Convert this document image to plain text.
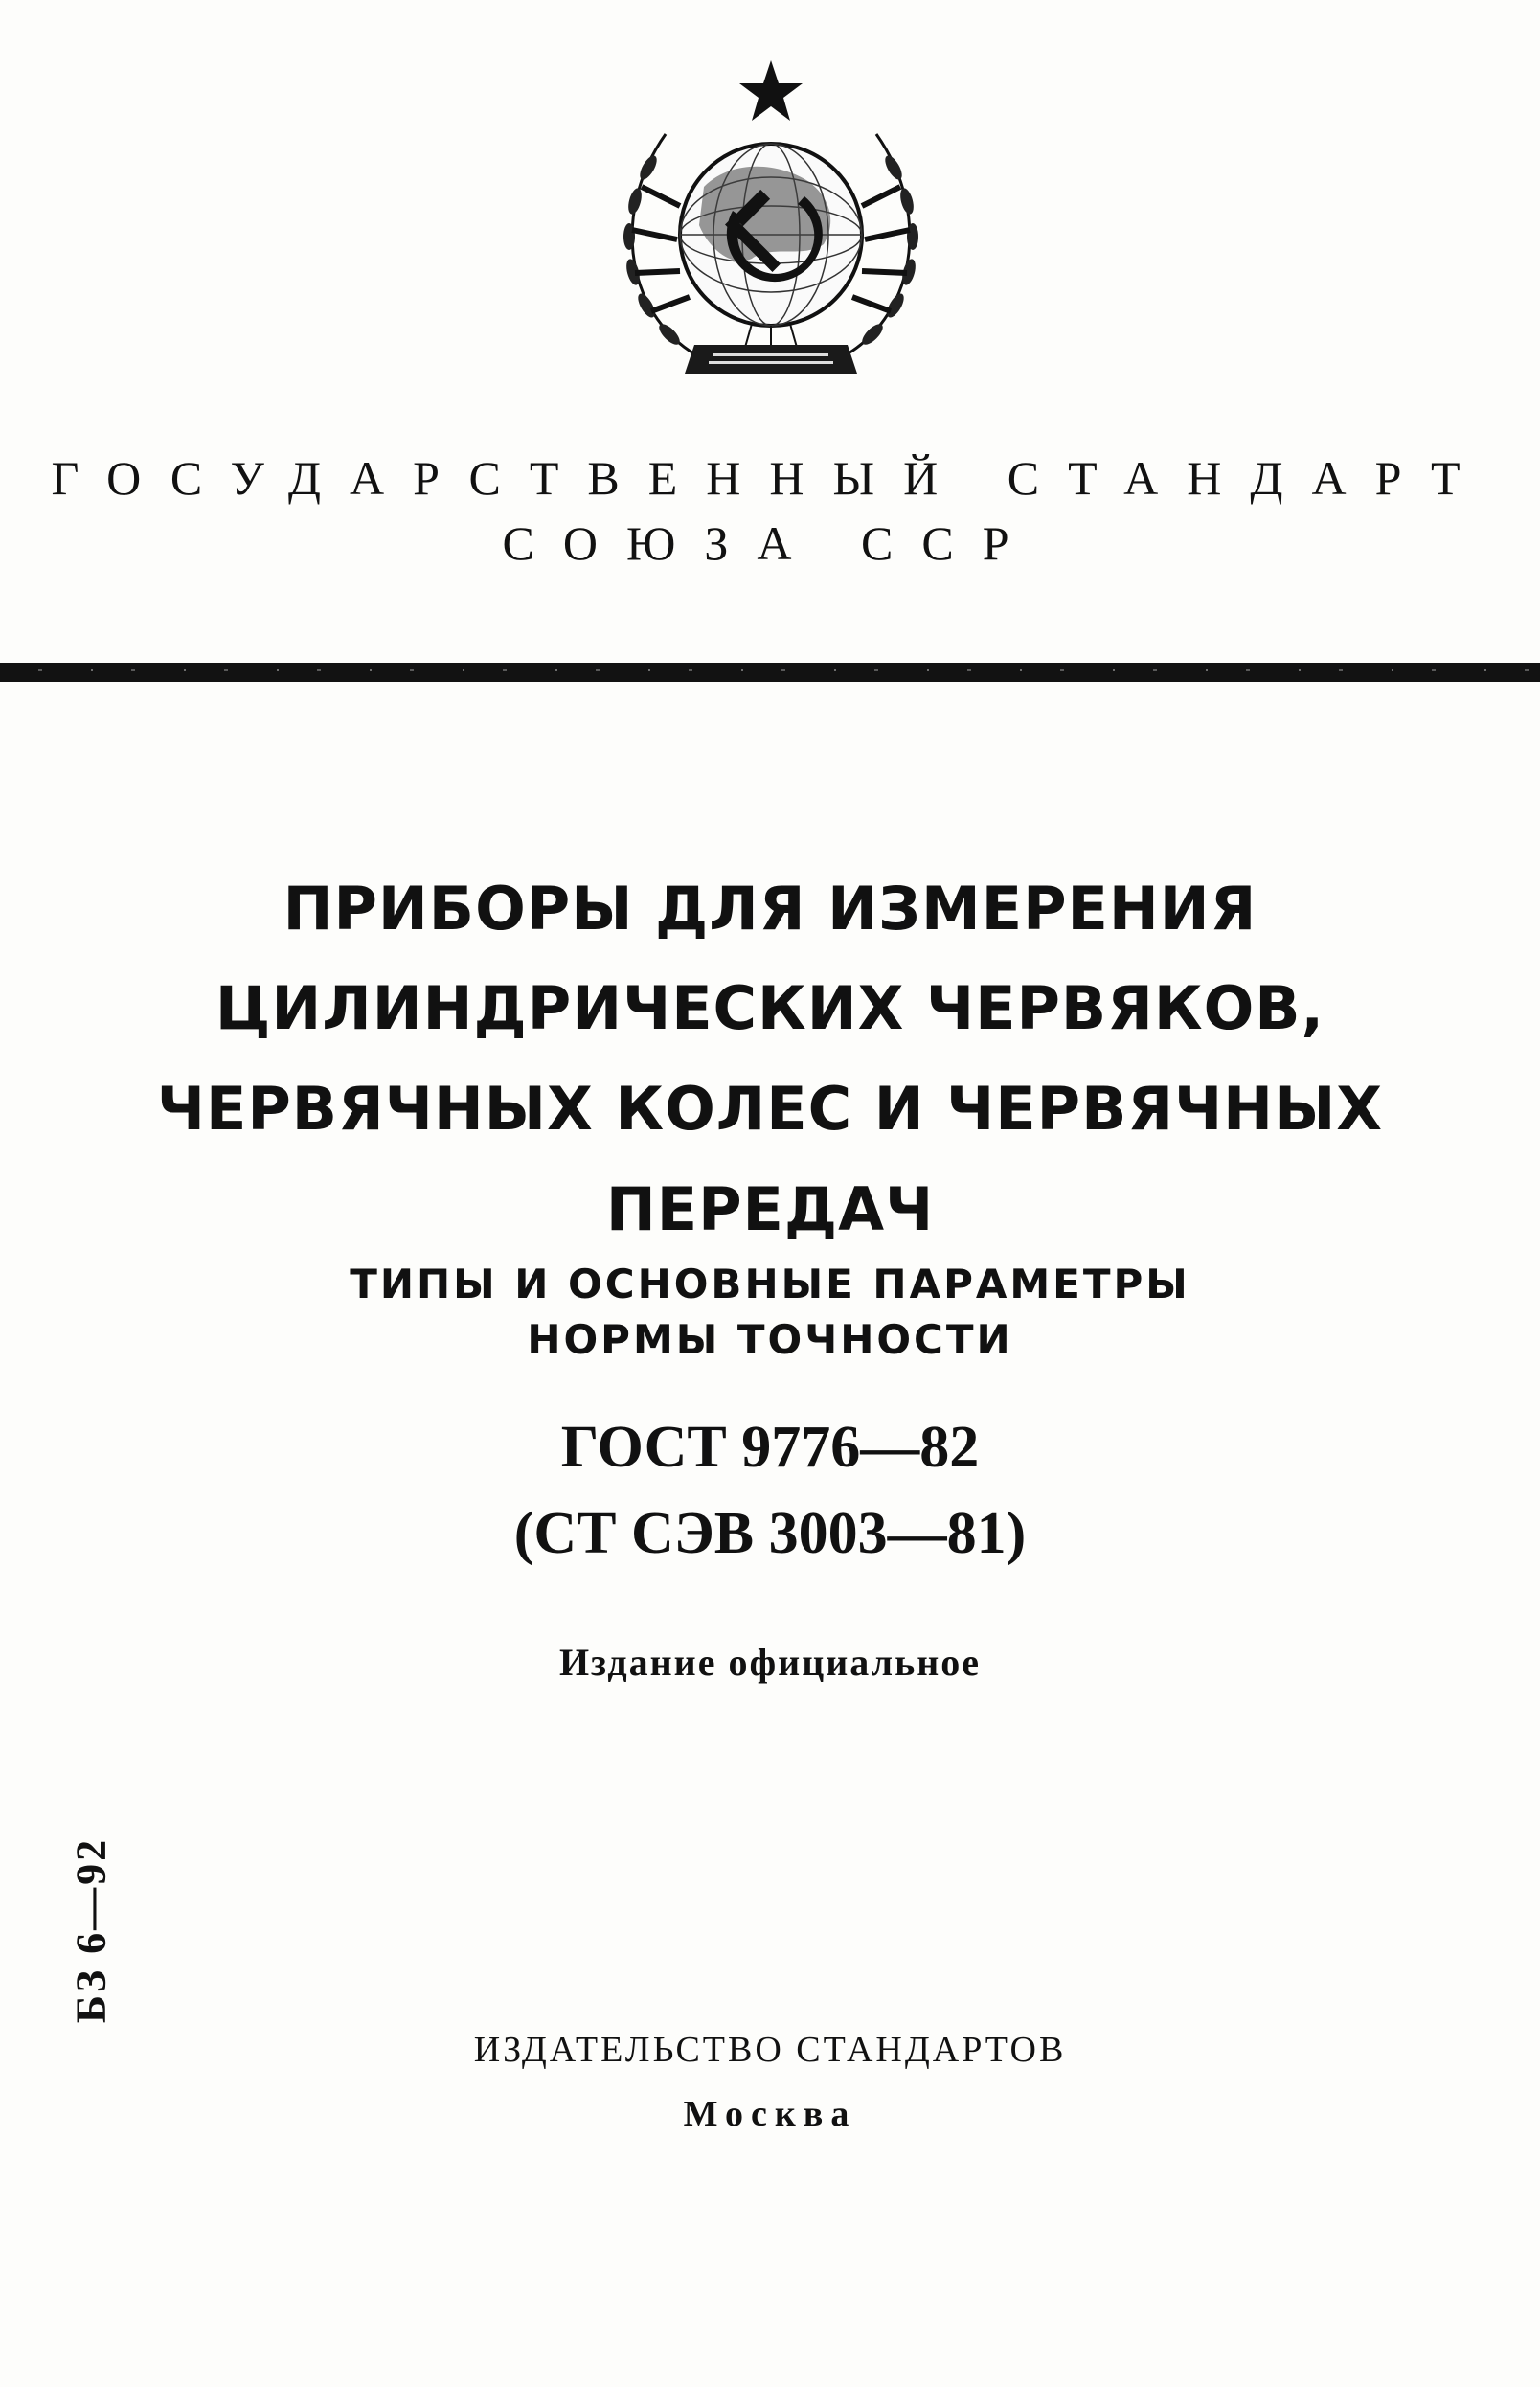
ГОСУДАРСТВЕННЫЙ СТАНДАРТ
СОЮЗА ССР
ПРИБОРЫ ДЛЯ ИЗМЕРЕНИЯ
ЦИЛИНДРИЧЕСКИХ ЧЕРВЯКОВ,
ЧЕРВЯЧНЫХ КОЛЕС И ЧЕРВЯЧНЫХ
ПЕРЕДАЧ
ТИПЫ И ОСНОВНЫЕ ПАРАМЕТРЫ
НОРМЫ ТОЧНОСТИ
ГОСТ 9776—82
(СТ СЭВ 3003—81)
Издание официальное
БЗ 6—92
ИЗДАТЕЛЬСТВО СТАНДАРТОВ
Москва
